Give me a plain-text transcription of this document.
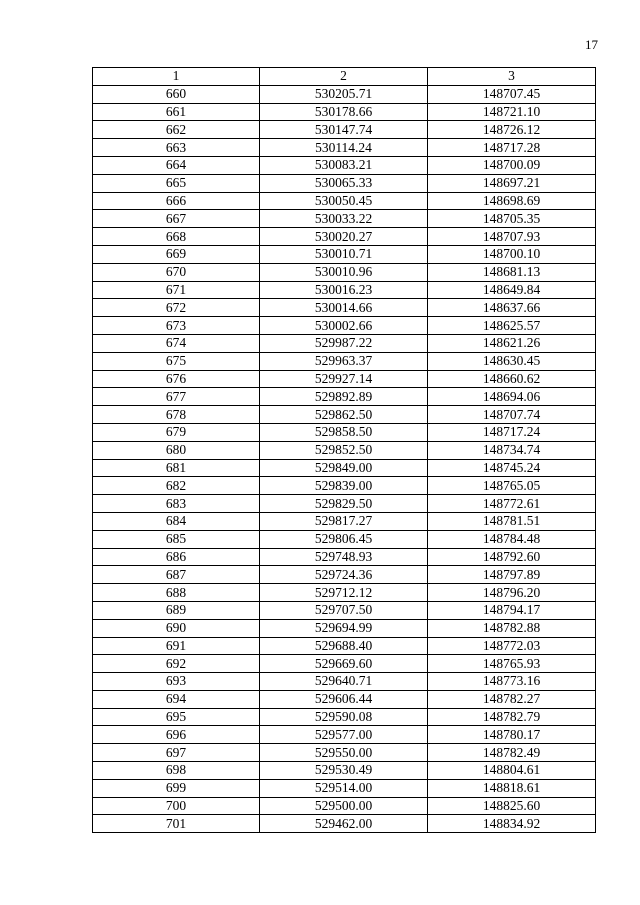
17
1	2	3
660	530205.71	148707.45
661	530178.66	148721.10
662	530147.74	148726.12
663	530114.24	148717.28
664	530083.21	148700.09
665	530065.33	148697.21
666	530050.45	148698.69
667	530033.22	148705.35
668	530020.27	148707.93
669	530010.71	148700.10
670	530010.96	148681.13
671	530016.23	148649.84
672	530014.66	148637.66
673	530002.66	148625.57
674	529987.22	148621.26
675	529963.37	148630.45
676	529927.14	148660.62
677	529892.89	148694.06
678	529862.50	148707.74
679	529858.50	148717.24
680	529852.50	148734.74
681	529849.00	148745.24
682	529839.00	148765.05
683	529829.50	148772.61
684	529817.27	148781.51
685	529806.45	148784.48
686	529748.93	148792.60
687	529724.36	148797.89
688	529712.12	148796.20
689	529707.50	148794.17
690	529694.99	148782.88
691	529688.40	148772.03
692	529669.60	148765.93
693	529640.71	148773.16
694	529606.44	148782.27
695	529590.08	148782.79
696	529577.00	148780.17
697	529550.00	148782.49
698	529530.49	148804.61
699	529514.00	148818.61
700	529500.00	148825.60
701	529462.00	148834.92
